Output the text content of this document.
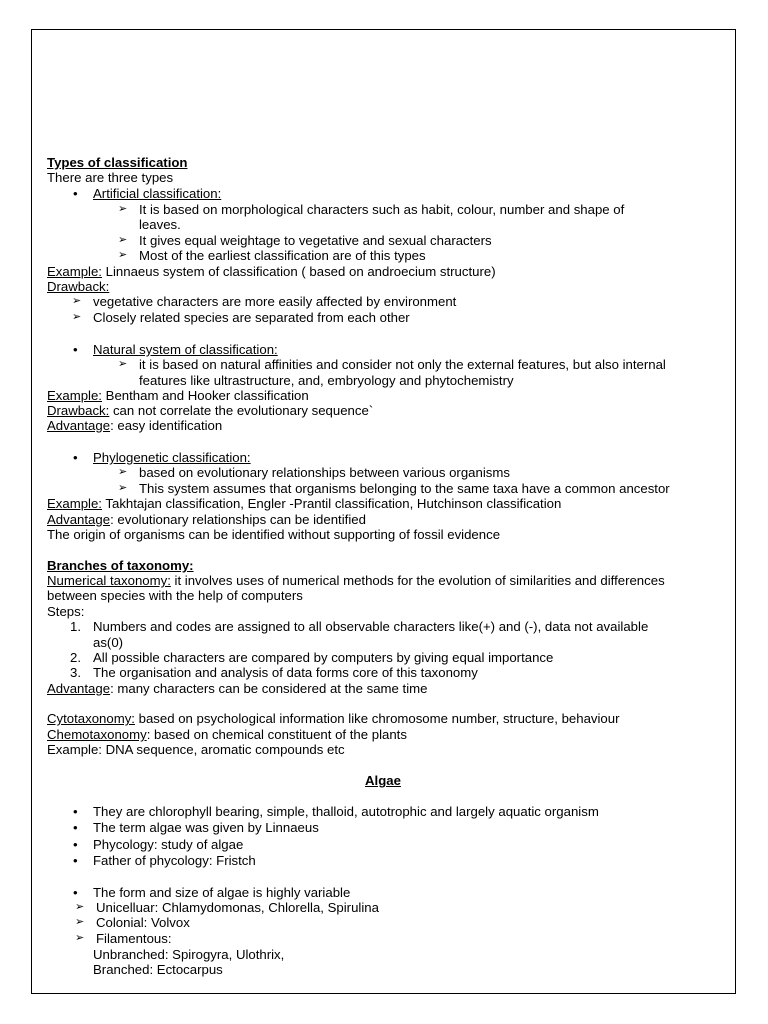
Types of classification
There are three types
• Artificial classification:
➢ It is based on morphological characters such as habit, colour, number and shape of
leaves.
➢ It gives equal weightage to vegetative and sexual characters
➢ Most of the earliest classification are of this types
Example: Linnaeus system of classification ( based on androecium structure)
Drawback:
➢ vegetative characters are more easily affected by environment
➢ Closely related species are separated from each other
• Natural system of classification:
➢ it is based on natural affinities and consider not only the external features, but also internal
features like ultrastructure, and, embryology and phytochemistry
Example: Bentham and Hooker classification
Drawback: can not correlate the evolutionary sequence`
Advantage: easy identification
• Phylogenetic classification:
➢ based on evolutionary relationships between various organisms
➢ This system assumes that organisms belonging to the same taxa have a common ancestor
Example: Takhtajan classification, Engler -Prantil classification, Hutchinson classification
Advantage: evolutionary relationships can be identified
The origin of organisms can be identified without supporting of fossil evidence
Branches of taxonomy:
Numerical taxonomy: it involves uses of numerical methods for the evolution of similarities and differences
between species with the help of computers
Steps:
1. Numbers and codes are assigned to all observable characters like(+) and (-), data not available
as(0)
2. All possible characters are compared by computers by giving equal importance
3. The organisation and analysis of data forms core of this taxonomy
Advantage: many characters can be considered at the same time
Cytotaxonomy: based on psychological information like chromosome number, structure, behaviour
Chemotaxonomy: based on chemical constituent of the plants
Example: DNA sequence, aromatic compounds etc
Algae
• They are chlorophyll bearing, simple, thalloid, autotrophic and largely aquatic organism
• The term algae was given by Linnaeus
• Phycology: study of algae
• Father of phycology: Fristch
• The form and size of algae is highly variable
➢ Unicelluar: Chlamydomonas, Chlorella, Spirulina
➢ Colonial: Volvox
➢ Filamentous:
Unbranched: Spirogyra, Ulothrix,
Branched: Ectocarpus
